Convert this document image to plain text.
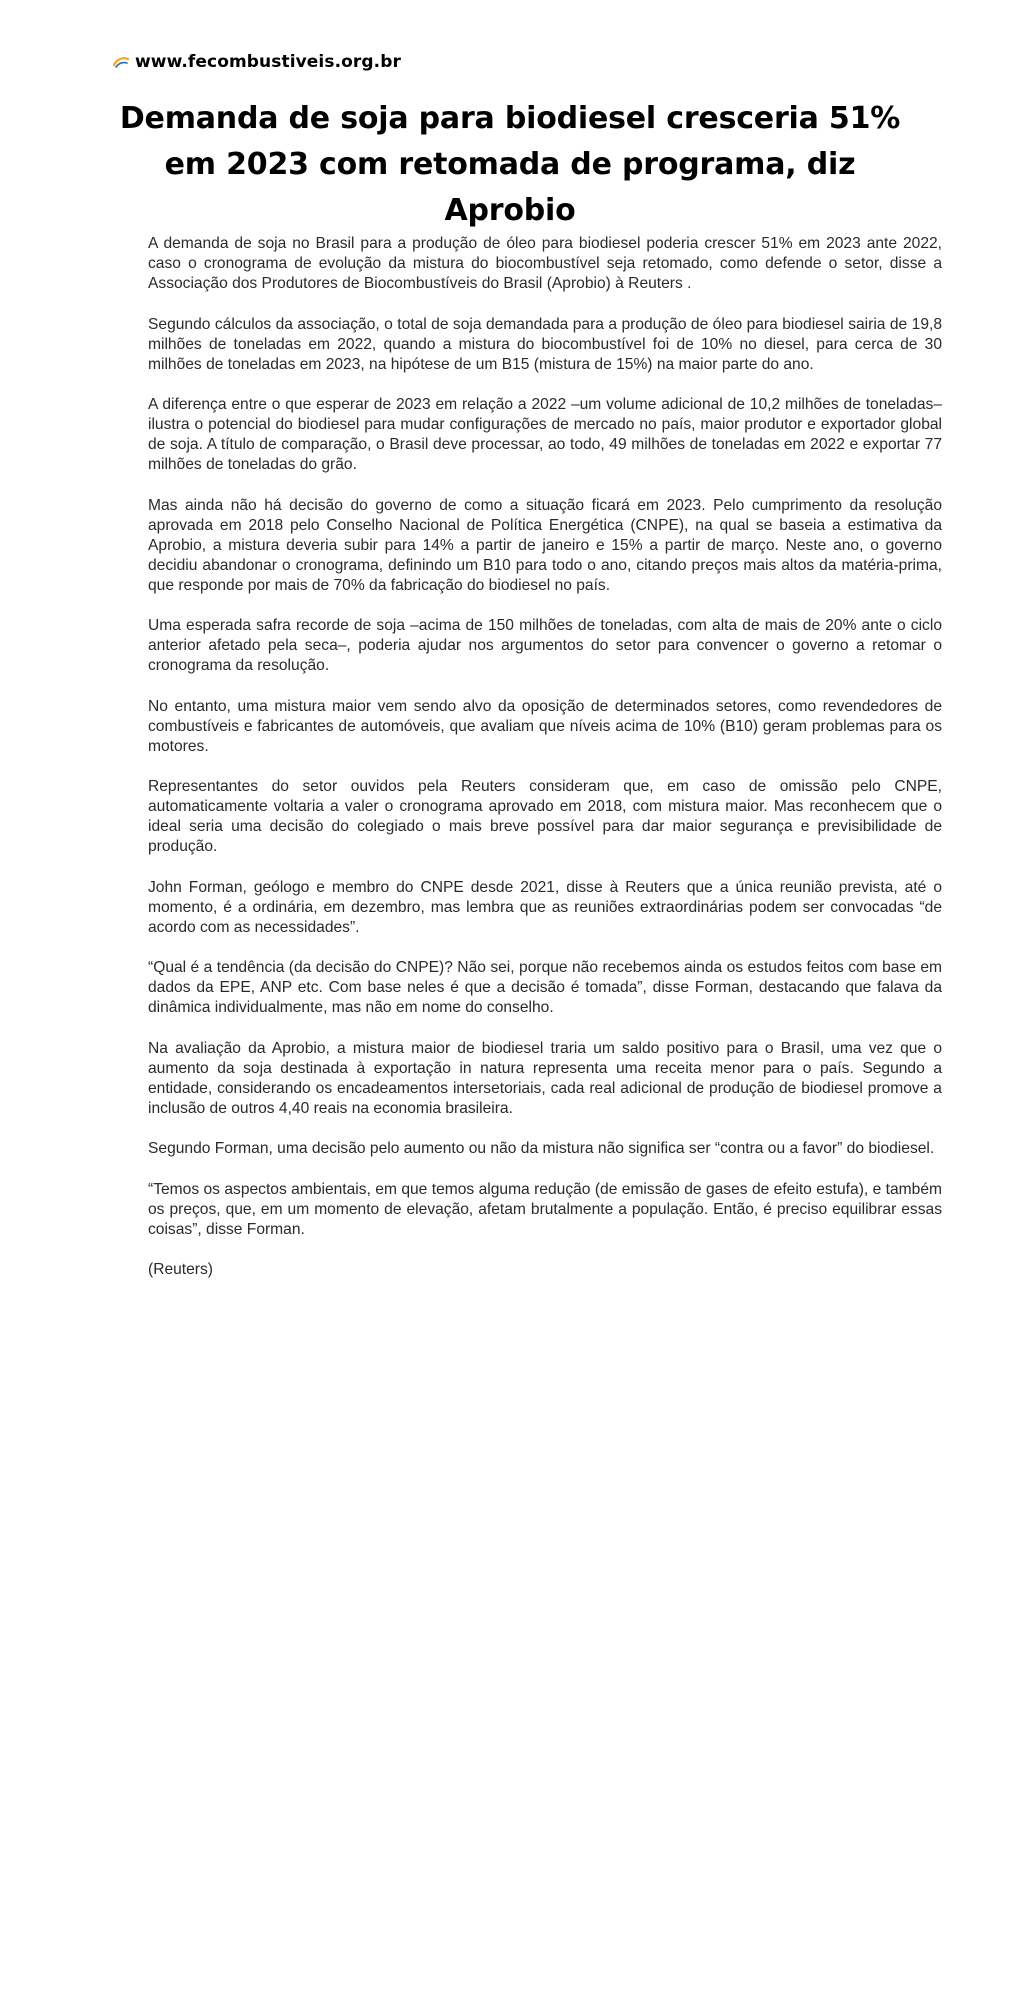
www.fecombustiveis.org.br
Demanda de soja para biodiesel cresceria 51% em 2023 com retomada de programa, diz Aprobio

A demanda de soja no Brasil para a produção de óleo para biodiesel poderia crescer 51% em 2023 ante 2022, caso o cronograma de evolução da mistura do biocombustível seja retomado, como defende o setor, disse a Associação dos Produtores de Biocombustíveis do Brasil (Aprobio) à Reuters .

Segundo cálculos da associação, o total de soja demandada para a produção de óleo para biodiesel sairia de 19,8 milhões de toneladas em 2022, quando a mistura do biocombustível foi de 10% no diesel, para cerca de 30 milhões de toneladas em 2023, na hipótese de um B15 (mistura de 15%) na maior parte do ano.

A diferença entre o que esperar de 2023 em relação a 2022 –um volume adicional de 10,2 milhões de toneladas– ilustra o potencial do biodiesel para mudar configurações de mercado no país, maior produtor e exportador global de soja. A título de comparação, o Brasil deve processar, ao todo, 49 milhões de toneladas em 2022 e exportar 77 milhões de toneladas do grão.

Mas ainda não há decisão do governo de como a situação ficará em 2023. Pelo cumprimento da resolução aprovada em 2018 pelo Conselho Nacional de Política Energética (CNPE), na qual se baseia a estimativa da Aprobio, a mistura deveria subir para 14% a partir de janeiro e 15% a partir de março. Neste ano, o governo decidiu abandonar o cronograma, definindo um B10 para todo o ano, citando preços mais altos da matéria-prima, que responde por mais de 70% da fabricação do biodiesel no país.

Uma esperada safra recorde de soja –acima de 150 milhões de toneladas, com alta de mais de 20% ante o ciclo anterior afetado pela seca–, poderia ajudar nos argumentos do setor para convencer o governo a retomar o cronograma da resolução.

No entanto, uma mistura maior vem sendo alvo da oposição de determinados setores, como revendedores de combustíveis e fabricantes de automóveis, que avaliam que níveis acima de 10% (B10) geram problemas para os motores.

Representantes do setor ouvidos pela Reuters consideram que, em caso de omissão pelo CNPE, automaticamente voltaria a valer o cronograma aprovado em 2018, com mistura maior. Mas reconhecem que o ideal seria uma decisão do colegiado o mais breve possível para dar maior segurança e previsibilidade de produção.

John Forman, geólogo e membro do CNPE desde 2021, disse à Reuters que a única reunião prevista, até o momento, é a ordinária, em dezembro, mas lembra que as reuniões extraordinárias podem ser convocadas “de acordo com as necessidades”.

“Qual é a tendência (da decisão do CNPE)? Não sei, porque não recebemos ainda os estudos feitos com base em dados da EPE, ANP etc. Com base neles é que a decisão é tomada”, disse Forman, destacando que falava da dinâmica individualmente, mas não em nome do conselho.

Na avaliação da Aprobio, a mistura maior de biodiesel traria um saldo positivo para o Brasil, uma vez que o aumento da soja destinada à exportação in natura representa uma receita menor para o país. Segundo a entidade, considerando os encadeamentos intersetoriais, cada real adicional de produção de biodiesel promove a inclusão de outros 4,40 reais na economia brasileira.

Segundo Forman, uma decisão pelo aumento ou não da mistura não significa ser “contra ou a favor” do biodiesel.

“Temos os aspectos ambientais, em que temos alguma redução (de emissão de gases de efeito estufa), e também os preços, que, em um momento de elevação, afetam brutalmente a população. Então, é preciso equilibrar essas coisas”, disse Forman.

(Reuters)
